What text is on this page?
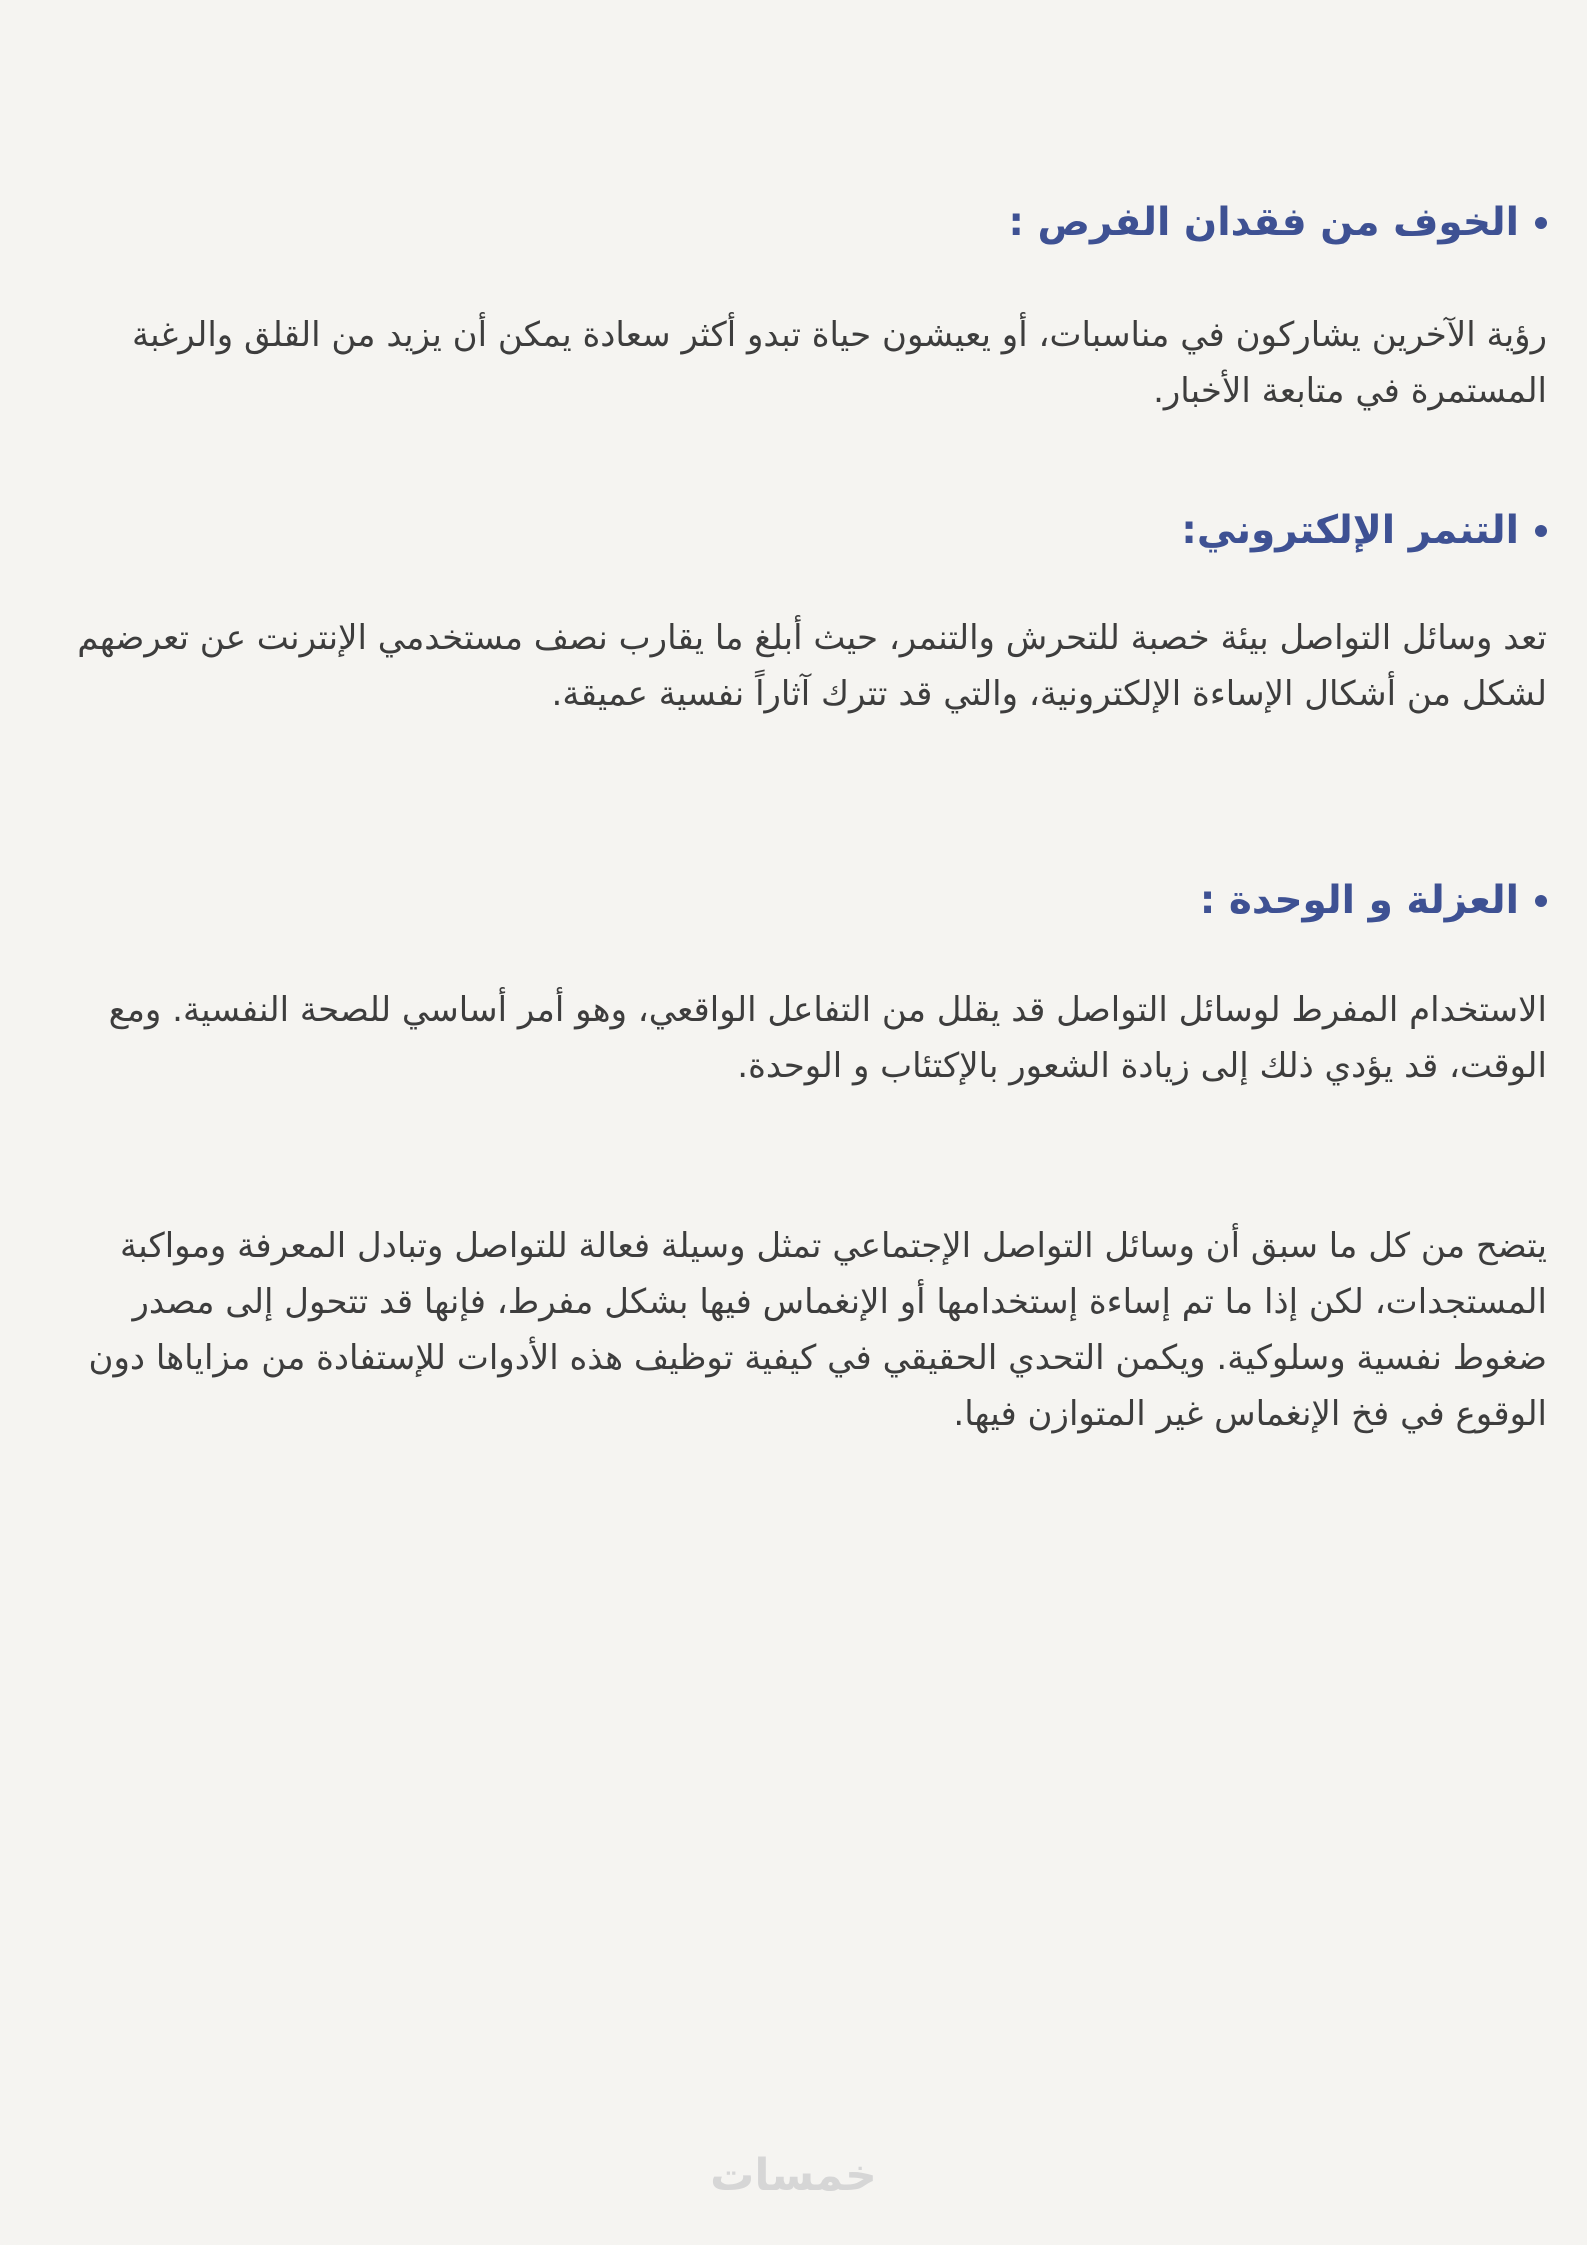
الخوف من فقدان الفرص :

رؤية الآخرين يشاركون في مناسبات، أو يعيشون حياة تبدو أكثر سعادة يمكن أن يزيد من القلق والرغبة المستمرة في متابعة الأخبار.

التنمر الإلكتروني:

تعد وسائل التواصل بيئة خصبة للتحرش والتنمر، حيث أبلغ ما يقارب نصف مستخدمي الإنترنت عن تعرضهم لشكل من أشكال الإساءة الإلكترونية، والتي قد تترك آثاراً نفسية عميقة.

العزلة و الوحدة :

الاستخدام المفرط لوسائل التواصل قد يقلل من التفاعل الواقعي، وهو أمر أساسي للصحة النفسية. ومع الوقت، قد يؤدي ذلك إلى زيادة الشعور بالإكتئاب و الوحدة.

يتضح من كل ما سبق أن وسائل التواصل الإجتماعي تمثل وسيلة فعالة للتواصل وتبادل المعرفة ومواكبة المستجدات، لكن إذا ما تم إساءة إستخدامها أو الإنغماس فيها بشكل مفرط، فإنها قد تتحول إلى مصدر ضغوط نفسية وسلوكية. ويكمن التحدي الحقيقي في كيفية توظيف هذه الأدوات للإستفادة من مزاياها دون الوقوع في فخ الإنغماس غير المتوازن فيها.

خمسات
